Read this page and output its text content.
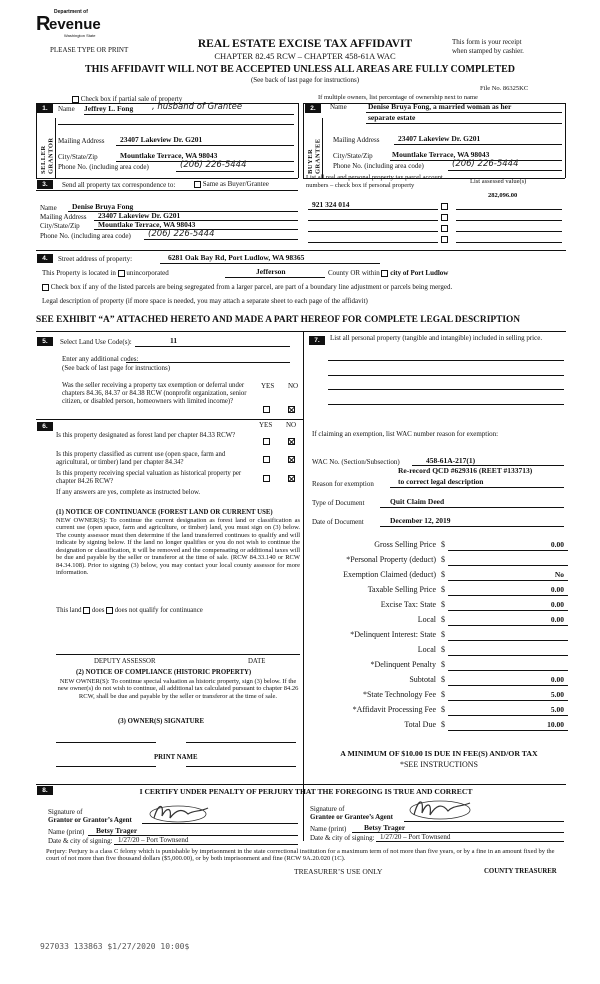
Department of
R
evenue
Washington State
PLEASE TYPE OR PRINT	REAL ESTATE EXCISE TAX AFFIDAVIT
CHAPTER 82.45 RCW – CHAPTER 458-61A WAC
This form is your receipt
when stamped by cashier.
THIS AFFIDAVIT WILL NOT BE ACCEPTED UNLESS ALL AREAS ARE FULLY COMPLETED
(See back of last page for instructions)
File No. 86325KC
Check box if partial sale of property	If multiple owners, list percentage of ownership next to name
1.
SELLER GRANTOR
Name Jeffrey L. Fong , husband of Grantee
Mailing Address 23407 Lakeview Dr. G201
City/State/Zip	Mountlake Terrace, WA 98043
Phone No. (including area code)	(206) 226-5444
2.
BUYER GRANTEE
Name	Denise Bruya Fong, a married woman as her
separate estate
Mailing Address 23407 Lakeview Dr. G201
City/State/Zip	Mountlake Terrace, WA 98043
Phone No. (including area code)	(206) 226-5444
3.	Send all property tax correspondence to:	Same as Buyer/Grantee
Name Denise Bruya Fong
Mailing Address 23407 Lakeview Dr. G201
City/State/Zip Mountlake Terrace, WA 98043
Phone No. (including area code) (206) 226-5444
List all real and personal property tax parcel account
numbers – check box if personal property
List assessed value(s)
282,096.00
921 324 014
4.	Street address of property:	6281 Oak Bay Rd, Port Ludlow, WA 98365
This Property is located in unincorporated	Jefferson	County OR within city of Port Ludlow
Check box if any of the listed parcels are being segregated from a larger parcel, are part of a boundary line adjustment or parcels being merged.
Legal description of property (if more space is needed, you may attach a separate sheet to each page of the affidavit)
SEE EXHIBIT “A” ATTACHED HERETO AND MADE A PART HEREOF FOR COMPLETE LEGAL DESCRIPTION
5.	Select Land Use Code(s):	11
Enter any additional codes:
(See back of last page for instructions)
YES NO
Was the seller receiving a property tax exemption or deferral under chapters 84.36, 84.37 or 84.38 RCW (nonprofit organization, senior citizen, or disabled person, homeowners with limited income)?
6.	YES NO
Is this property designated as forest land per chapter 84.33 RCW?
Is this property classified as current use (open space, farm and agricultural, or timber) land per chapter 84.34?
Is this property receiving special valuation as historical property per chapter 84.26 RCW?
If any answers are yes, complete as instructed below.
(1) NOTICE OF CONTINUANCE (FOREST LAND OR CURRENT USE)
NEW OWNER(S): To continue the current designation as forest land or classification as current use (open space, farm and agriculture, or timber) land, you must sign on (3) below. The county assessor must then determine if the land transferred continues to qualify and will indicate by signing below. If the land no longer qualifies or you do not wish to continue the designation or classification, it will be removed and the compensating or additional taxes will be due and payable by the seller or transferor at the time of sale. (RCW 84.33.140 or RCW 84.34.108). Prior to signing (3) below, you may contact your local county assessor for more information.
This land does does not qualify for continuance
DEPUTY ASSESSOR	DATE
(2) NOTICE OF COMPLIANCE (HISTORIC PROPERTY)
NEW OWNER(S): To continue special valuation as historic property, sign (3) below. If the new owner(s) do not wish to continue, all additional tax calculated pursuant to chapter 84.26 RCW, shall be due and payable by the seller or transferor at the time of sale.
(3) OWNER(S) SIGNATURE
PRINT NAME
7.	List all personal property (tangible and intangible) included in selling price.
If claiming an exemption, list WAC number reason for exemption:
WAC No. (Section/Subsection)	458-61A-217(1)
Re-record QCD #629316 (REET #133713)
Reason for exemption	to correct legal description
Type of Document	Quit Claim Deed
Date of Document	December 12, 2019
Gross Selling Price $	0.00
*Personal Property (deduct) $
Exemption Claimed (deduct) $	No
Taxable Selling Price $	0.00
Excise Tax: State $	0.00
Local $	0.00
*Delinquent Interest: State $
Local $
*Delinquent Penalty $
Subtotal $	0.00
*State Technology Fee $	5.00
*Affidavit Processing Fee $	5.00
Total Due $	10.00
A MINIMUM OF $10.00 IS DUE IN FEE(S) AND/OR TAX
*SEE INSTRUCTIONS
8.	I CERTIFY UNDER PENALTY OF PERJURY THAT THE FOREGOING IS TRUE AND CORRECT
Signature of
Grantor or Grantor’s Agent
Name (print) Betsy Trager
Date & city of signing: 1/27/20 – Port Townsend
Signature of
Grantee or Grantee’s Agent
Name (print) Betsy Trager
Date & city of signing: 1/27/20 – Port Townsend
Perjury: Perjury is a class C felony which is punishable by imprisonment in the state correctional institution for a maximum term of not more than five years, or by a fine in an amount fixed by the court of not more than five thousand dollars ($5,000.00), or by both imprisonment and fine (RCW 9A.20.020 (1C).
TREASURER’S USE ONLY	COUNTY TREASURER
927033 133863 $1/27/2020 10:00$
